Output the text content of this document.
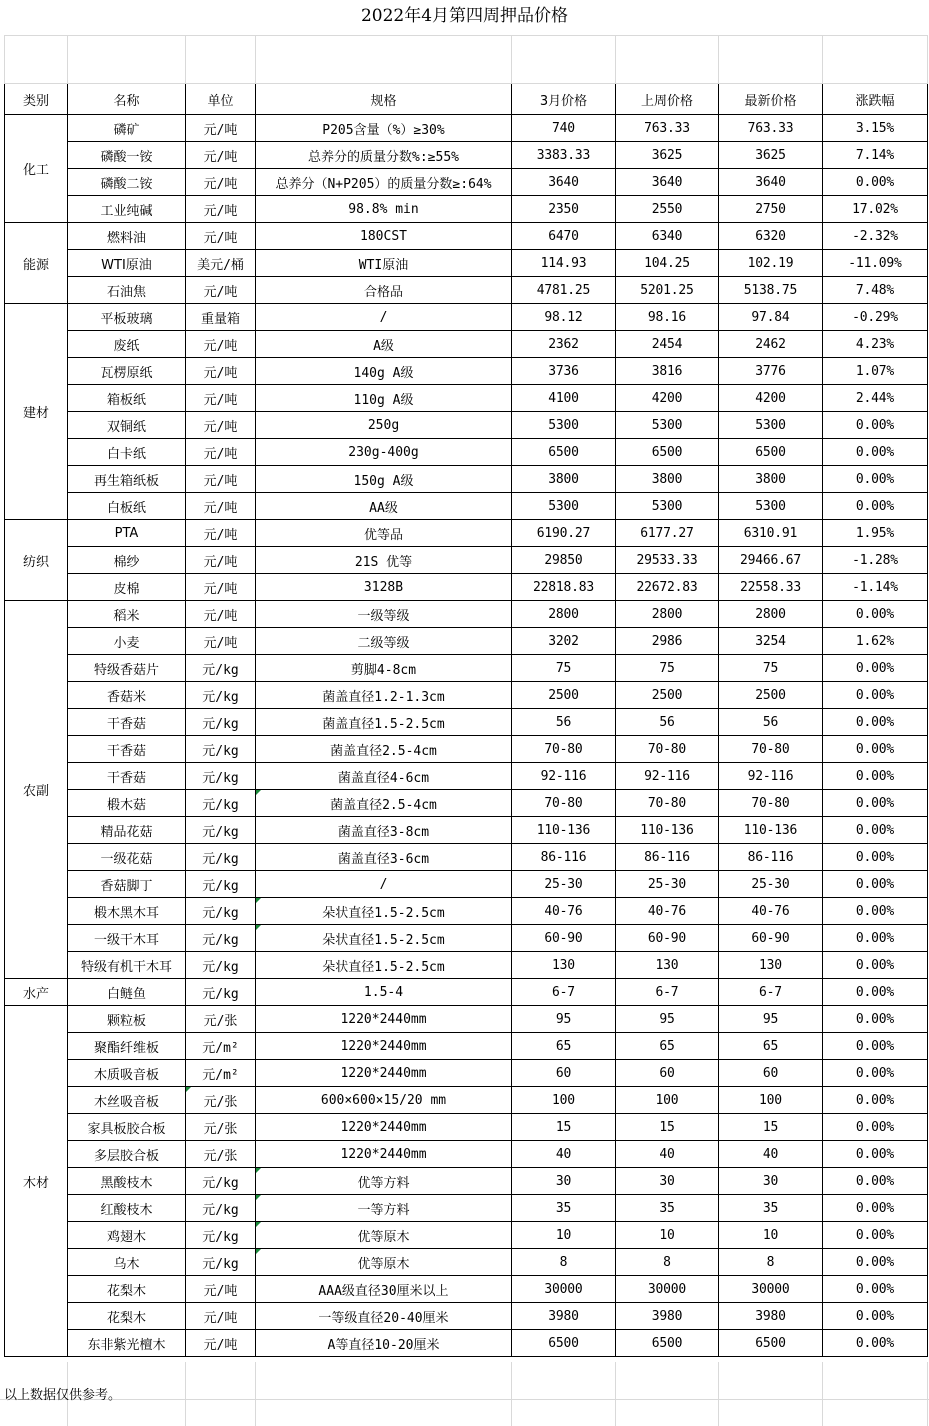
2022年4月第四周押品价格

类别	名称	单位	规格	3月价格	上周价格	最新价格	涨跌幅
化工	磷矿	元/吨	P205含量（%）≥30%	740	763.33	763.33	3.15%
	磷酸一铵	元/吨	总养分的质量分数%:≥55%	3383.33	3625	3625	7.14%
	磷酸二铵	元/吨	总养分（N+P205）的质量分数≥:64%	3640	3640	3640	0.00%
	工业纯碱	元/吨	98.8% min	2350	2550	2750	17.02%
能源	燃料油	元/吨	180CST	6470	6340	6320	-2.32%
	WTI原油	美元/桶	WTI原油	114.93	104.25	102.19	-11.09%
	石油焦	元/吨	合格品	4781.25	5201.25	5138.75	7.48%
建材	平板玻璃	重量箱	/	98.12	98.16	97.84	-0.29%
	废纸	元/吨	A级	2362	2454	2462	4.23%
	瓦楞原纸	元/吨	140g A级	3736	3816	3776	1.07%
	箱板纸	元/吨	110g A级	4100	4200	4200	2.44%
	双铜纸	元/吨	250g	5300	5300	5300	0.00%
	白卡纸	元/吨	230g-400g	6500	6500	6500	0.00%
	再生箱纸板	元/吨	150g A级	3800	3800	3800	0.00%
	白板纸	元/吨	AA级	5300	5300	5300	0.00%
纺织	PTA	元/吨	优等品	6190.27	6177.27	6310.91	1.95%
	棉纱	元/吨	21S 优等	29850	29533.33	29466.67	-1.28%
	皮棉	元/吨	3128B	22818.83	22672.83	22558.33	-1.14%
农副	稻米	元/吨	一级等级	2800	2800	2800	0.00%
	小麦	元/吨	二级等级	3202	2986	3254	1.62%
	特级香菇片	元/kg	剪脚4-8cm	75	75	75	0.00%
	香菇米	元/kg	菌盖直径1.2-1.3cm	2500	2500	2500	0.00%
	干香菇	元/kg	菌盖直径1.5-2.5cm	56	56	56	0.00%
	干香菇	元/kg	菌盖直径2.5-4cm	70-80	70-80	70-80	0.00%
	干香菇	元/kg	菌盖直径4-6cm	92-116	92-116	92-116	0.00%
	椴木菇	元/kg	菌盖直径2.5-4cm	70-80	70-80	70-80	0.00%
	精品花菇	元/kg	菌盖直径3-8cm	110-136	110-136	110-136	0.00%
	一级花菇	元/kg	菌盖直径3-6cm	86-116	86-116	86-116	0.00%
	香菇脚丁	元/kg	/	25-30	25-30	25-30	0.00%
	椴木黑木耳	元/kg	朵状直径1.5-2.5cm	40-76	40-76	40-76	0.00%
	一级干木耳	元/kg	朵状直径1.5-2.5cm	60-90	60-90	60-90	0.00%
	特级有机干木耳	元/kg	朵状直径1.5-2.5cm	130	130	130	0.00%
水产	白鲢鱼	元/kg	1.5-4	6-7	6-7	6-7	0.00%
木材	颗粒板	元/张	1220*2440mm	95	95	95	0.00%
	聚酯纤维板	元/m²	1220*2440mm	65	65	65	0.00%
	木质吸音板	元/m²	1220*2440mm	60	60	60	0.00%
	木丝吸音板	元/张	600×600×15/20 mm	100	100	100	0.00%
	家具板胶合板	元/张	1220*2440mm	15	15	15	0.00%
	多层胶合板	元/张	1220*2440mm	40	40	40	0.00%
	黑酸枝木	元/kg	优等方料	30	30	30	0.00%
	红酸枝木	元/kg	一等方料	35	35	35	0.00%
	鸡翅木	元/kg	优等原木	10	10	10	0.00%
	乌木	元/kg	优等原木	8	8	8	0.00%
	花梨木	元/吨	AAA级直径30厘米以上	30000	30000	30000	0.00%
	花梨木	元/吨	一等级直径20-40厘米	3980	3980	3980	0.00%
	东非紫光檀木	元/吨	A等直径10-20厘米	6500	6500	6500	0.00%
以上数据仅供参考。
